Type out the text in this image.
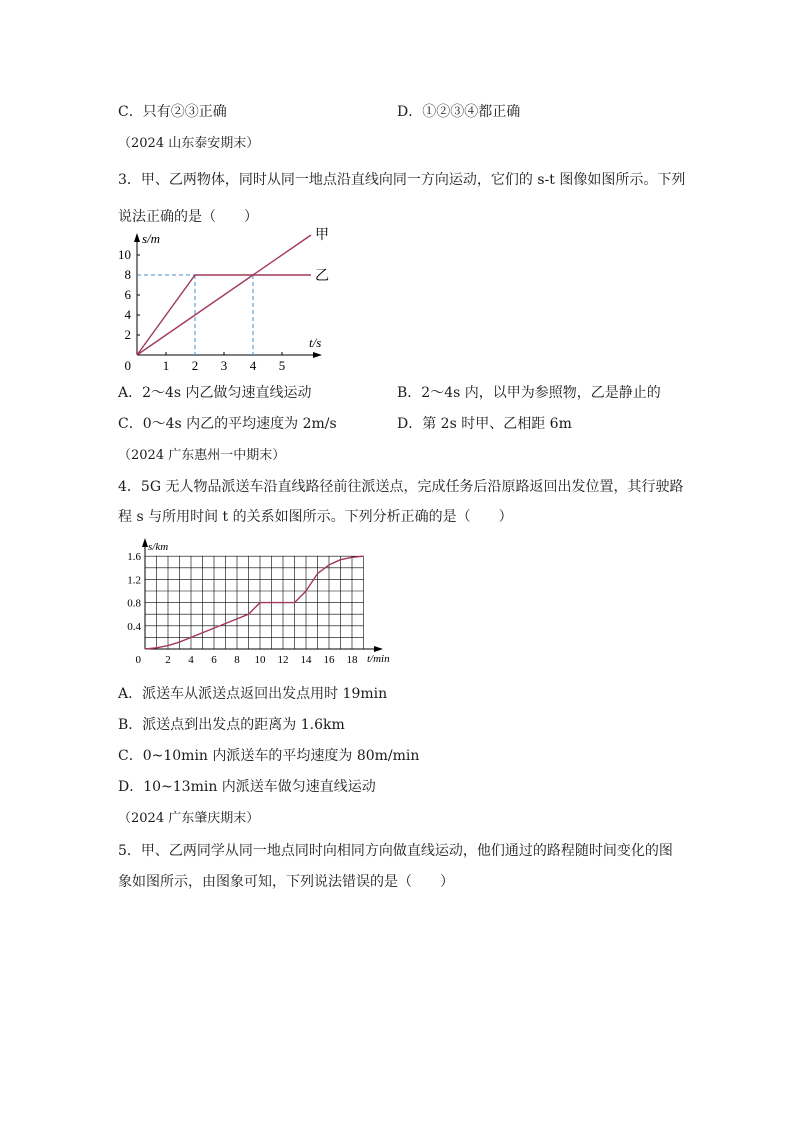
C．只有②③正确	D．①②③④都正确
（2024 山东泰安期末）
3．甲、乙两物体，同时从同一地点沿直线向同一方向运动，它们的 s-t 图像如图所示。下列
说法正确的是（　　）
1 2 3 4 5
2
4
6
8
10
0
s/m
t/s
甲
乙
A．2～4s 内乙做匀速直线运动	B．2～4s 内，以甲为参照物，乙是静止的
C．0～4s 内乙的平均速度为 2m/s	D．第 2s 时甲、乙相距 6m
（2024 广东惠州一中期末）
4．5G 无人物品派送车沿直线路径前往派送点，完成任务后沿原路返回出发位置，其行驶路
程 s 与所用时间 t 的关系如图所示。下列分析正确的是（　　）
2 4 6 8 10 12 14 16 18
0.4
0.8
1.2
1.6
0
s/km
t/min
A．派送车从派送点返回出发点用时 19min
B．派送点到出发点的距离为 1.6km
C．0~10min 内派送车的平均速度为 80m/min
D．10~13min 内派送车做匀速直线运动
（2024 广东肇庆期末）
5．甲、乙两同学从同一地点同时向相同方向做直线运动，他们通过的路程随时间变化的图
象如图所示，由图象可知，下列说法错误的是（　　）
